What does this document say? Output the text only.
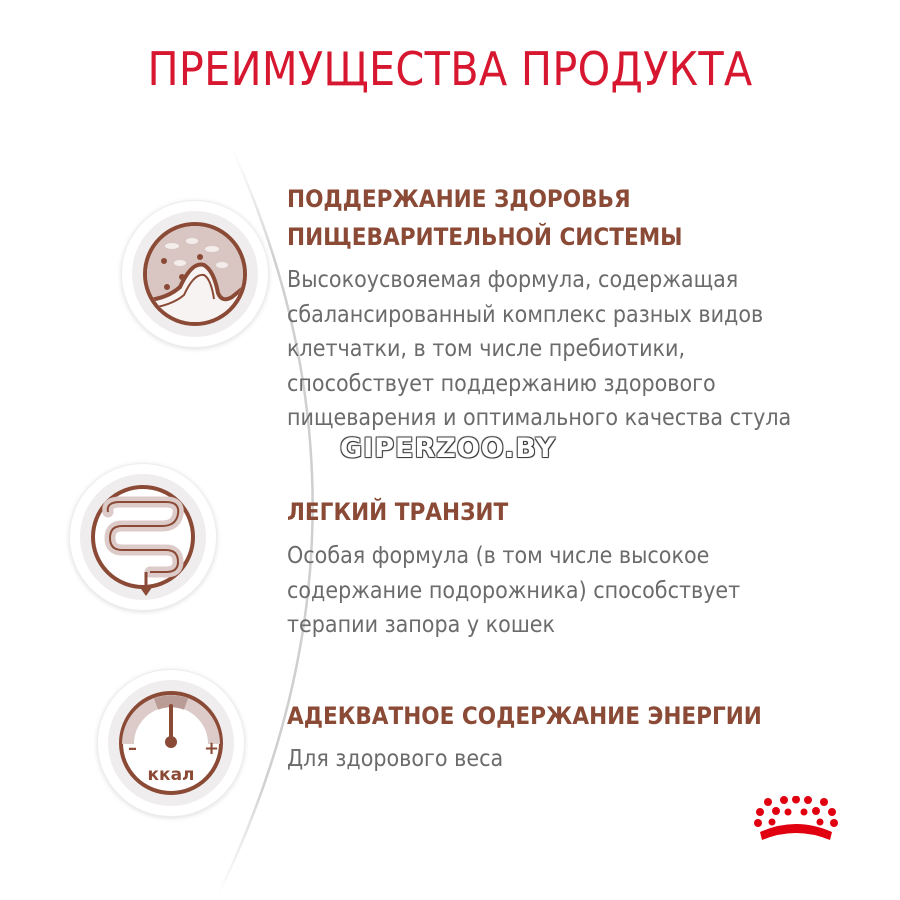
ПРЕИМУЩЕСТВА ПРОДУКТА
ПОДДЕРЖАНИЕ ЗДОРОВЬЯ
ПИЩЕВАРИТЕЛЬНОЙ СИСТЕМЫ

Высокоусвояемая формула, содержащая
сбалансированный комплекс разных видов
клетчатки, в том числе пребиотики,
способствует поддержанию здорового
пищеварения и оптимального качества стула

ЛЕГКИЙ ТРАНЗИТ

Особая формула (в том числе высокое
содержание подорожника) способствует
терапии запора у кошек

–	+
ккал
АДЕКВАТНОЕ СОДЕРЖАНИЕ ЭНЕРГИИ

Для здорового веса

GIPERZOO.BY
